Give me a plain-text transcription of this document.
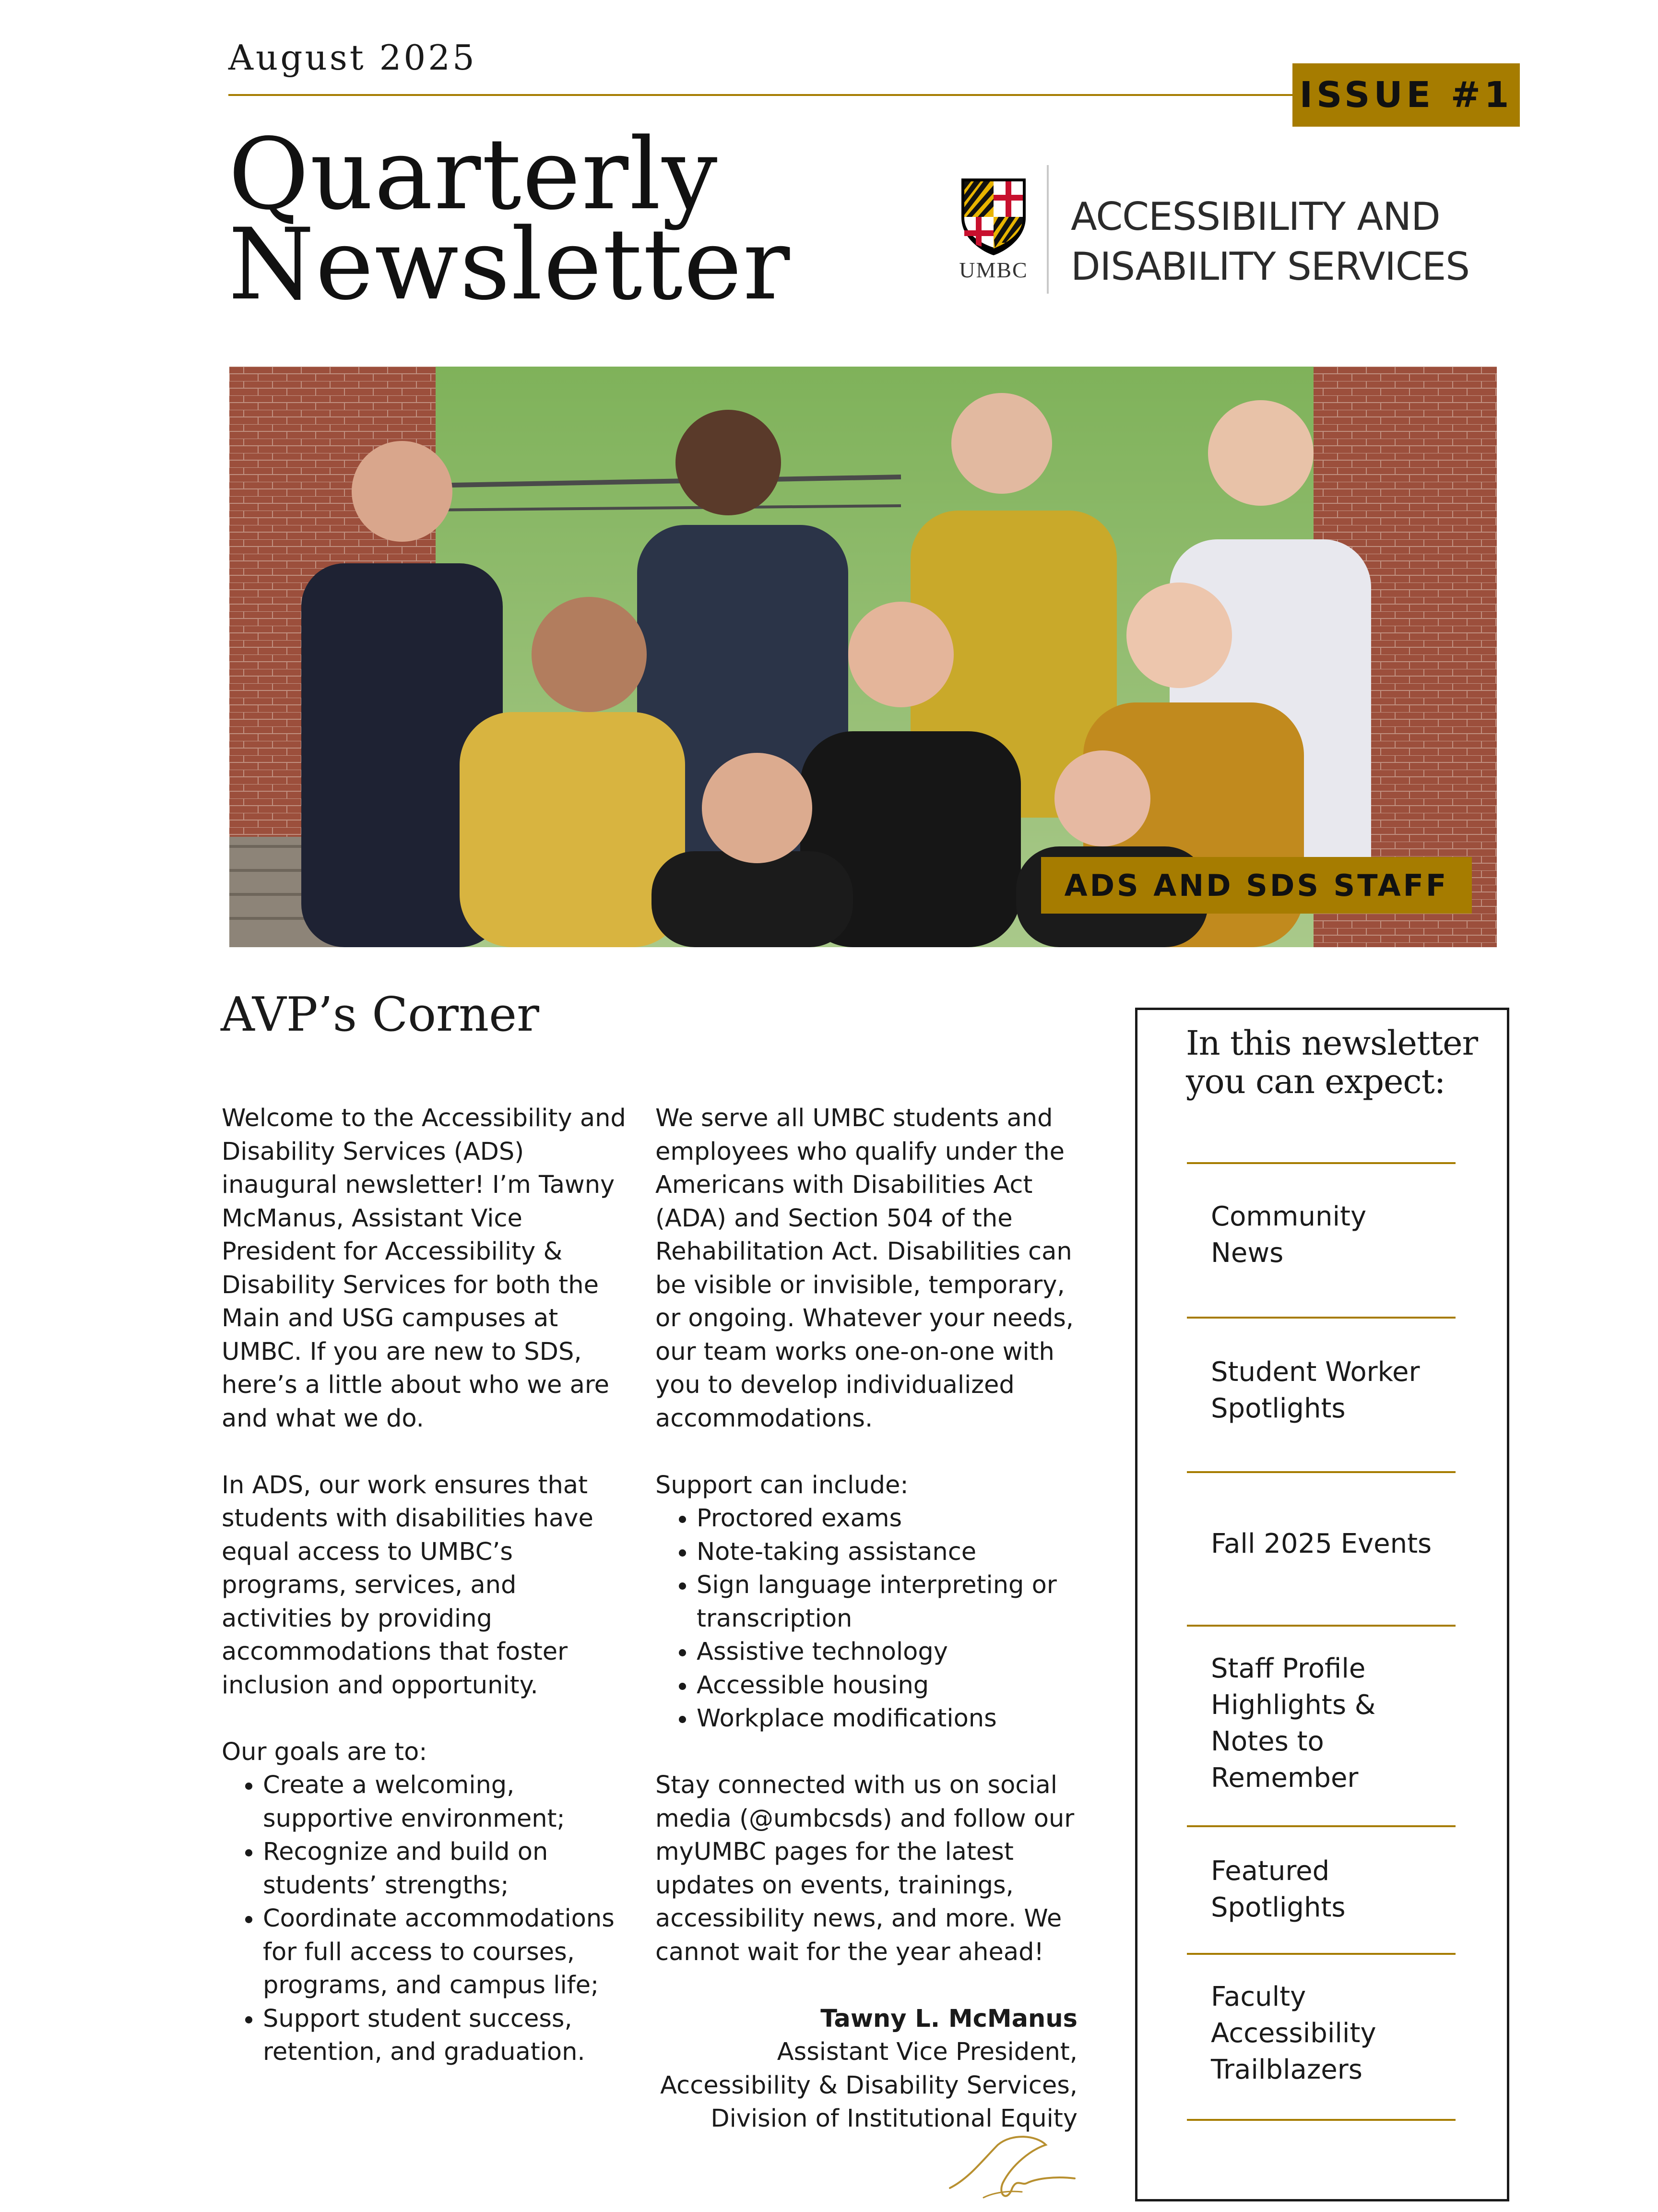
August 2025
ISSUE #1
Quarterly
Newsletter	UMBC
ACCESSIBILITY AND
DISABILITY SERVICES
ADS AND SDS STAFF
AVP’s Corner

Welcome to the Accessibility and Disability Services (ADS) inaugural newsletter! I’m Tawny McManus, Assistant Vice President for Accessibility & Disability Services for both the Main and USG campuses at UMBC. If you are new to SDS, here’s a little about who we are and what we do.

In ADS, our work ensures that students with disabilities have equal access to UMBC’s programs, services, and activities by providing accommodations that foster inclusion and opportunity.

Our goals are to:

• Create a welcoming, supportive environment;
• Recognize and build on students’ strengths;
• Coordinate accommodations for full access to courses, programs, and campus life;
• Support student success, retention, and graduation.

We serve all UMBC students and employees who qualify under the Americans with Disabilities Act (ADA) and Section 504 of the Rehabilitation Act. Disabilities can be visible or invisible, temporary, or ongoing. Whatever your needs, our team works one-on-one with you to develop individualized accommodations.

Support can include:

• Proctored exams
• Note-taking assistance
• Sign language interpreting or transcription
• Assistive technology
• Accessible housing
• Workplace modifications

Stay connected with us on social media (@umbcsds) and follow our myUMBC pages for the latest updates on events, trainings, accessibility news, and more. We cannot wait for the year ahead!

Tawny L. McManus
Assistant Vice President,
Accessibility & Disability Services,
Division of Institutional Equity
In this newsletter
you can expect:
Community
News
Student Worker
Spotlights
Fall 2025 Events
Staff Profile
Highlights &
Notes to
Remember
Featured
Spotlights
Faculty
Accessibility
Trailblazers
